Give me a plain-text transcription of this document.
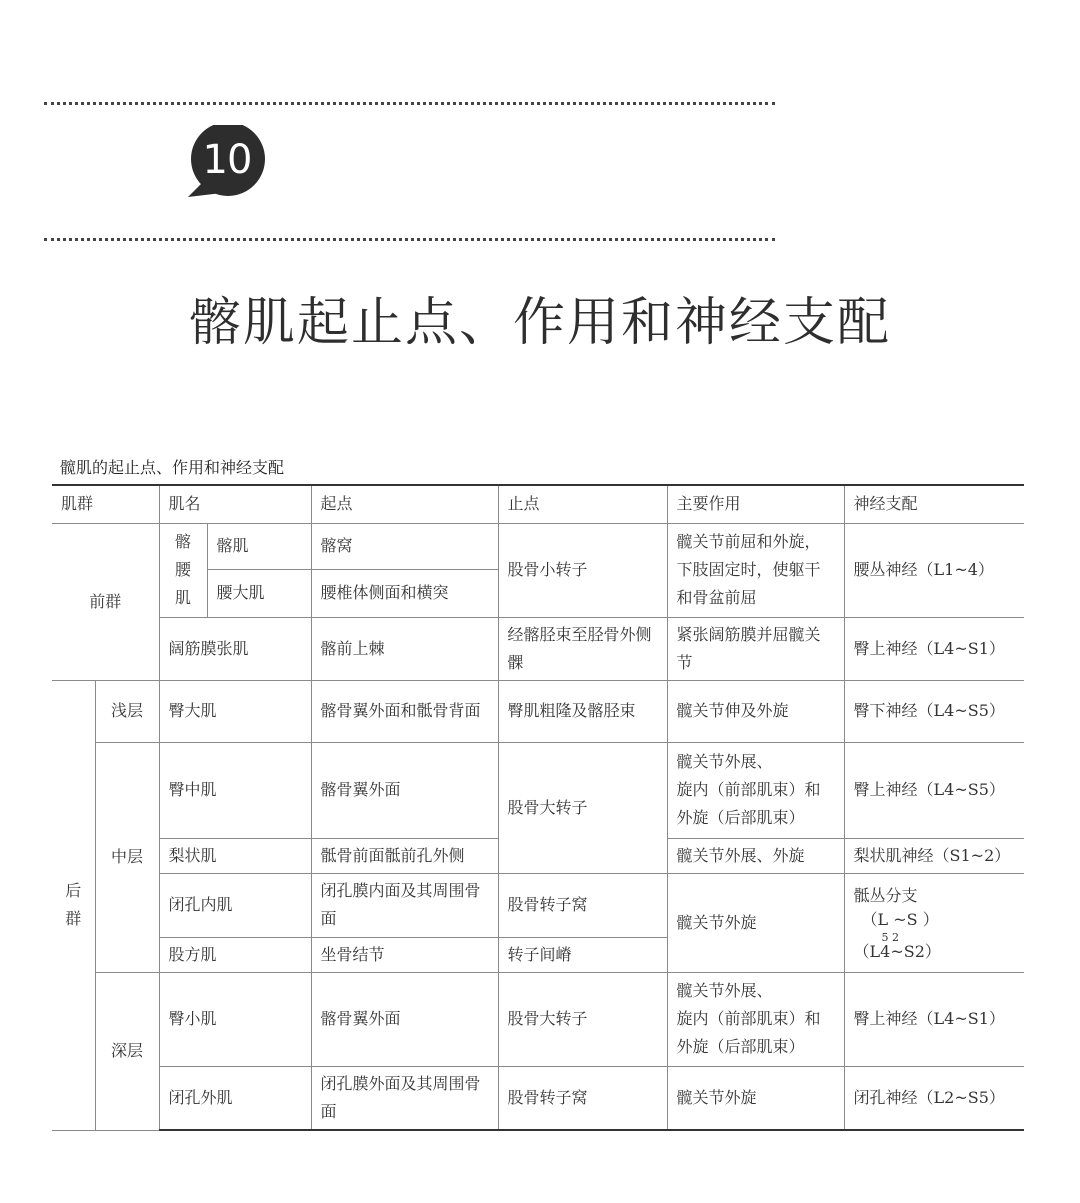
10
髂肌起止点、作用和神经支配
髋肌的起止点、作用和神经支配
肌群		肌名		起点	止点	主要作用	神经支配
前群		髂
腰
肌	髂肌	髂窝	股骨小转子	髋关节前屈和外旋，
下肢固定时，使躯干
和骨盆前屈	腰丛神经（L1~4）
			腰大肌	腰椎体侧面和横突			
		阔筋膜张肌		髂前上棘	经髂胫束至胫骨外侧髁	紧张阔筋膜并屈髋关节	臀上神经（L4~S1）

后
群	浅层	臀大肌		髂骨翼外面和骶骨背面	臀肌粗隆及髂胫束	髋关节伸及外旋	臀下神经（L4~S5）
	中层	臀中肌		髂骨翼外面	股骨大转子	髋关节外展、
旋内（前部肌束）和
外旋（后部肌束）	臀上神经（L4~S5）
		梨状肌		骶骨前面骶前孔外侧		髋关节外展、外旋	梨状肌神经（S1~2）
		闭孔内肌		闭孔膜内面及其周围骨面	股骨转子窝	髋关节外旋	骶丛分支
（L ~S ）
5 2
（L4~S2）

		股方肌		坐骨结节	转子间嵴		
	深层	臀小肌		髂骨翼外面	股骨大转子	髋关节外展、
旋内（前部肌束）和
外旋（后部肌束）	臀上神经（L4~S1）
		闭孔外肌		闭孔膜外面及其周围骨面	股骨转子窝	髋关节外旋	闭孔神经（L2~S5）
